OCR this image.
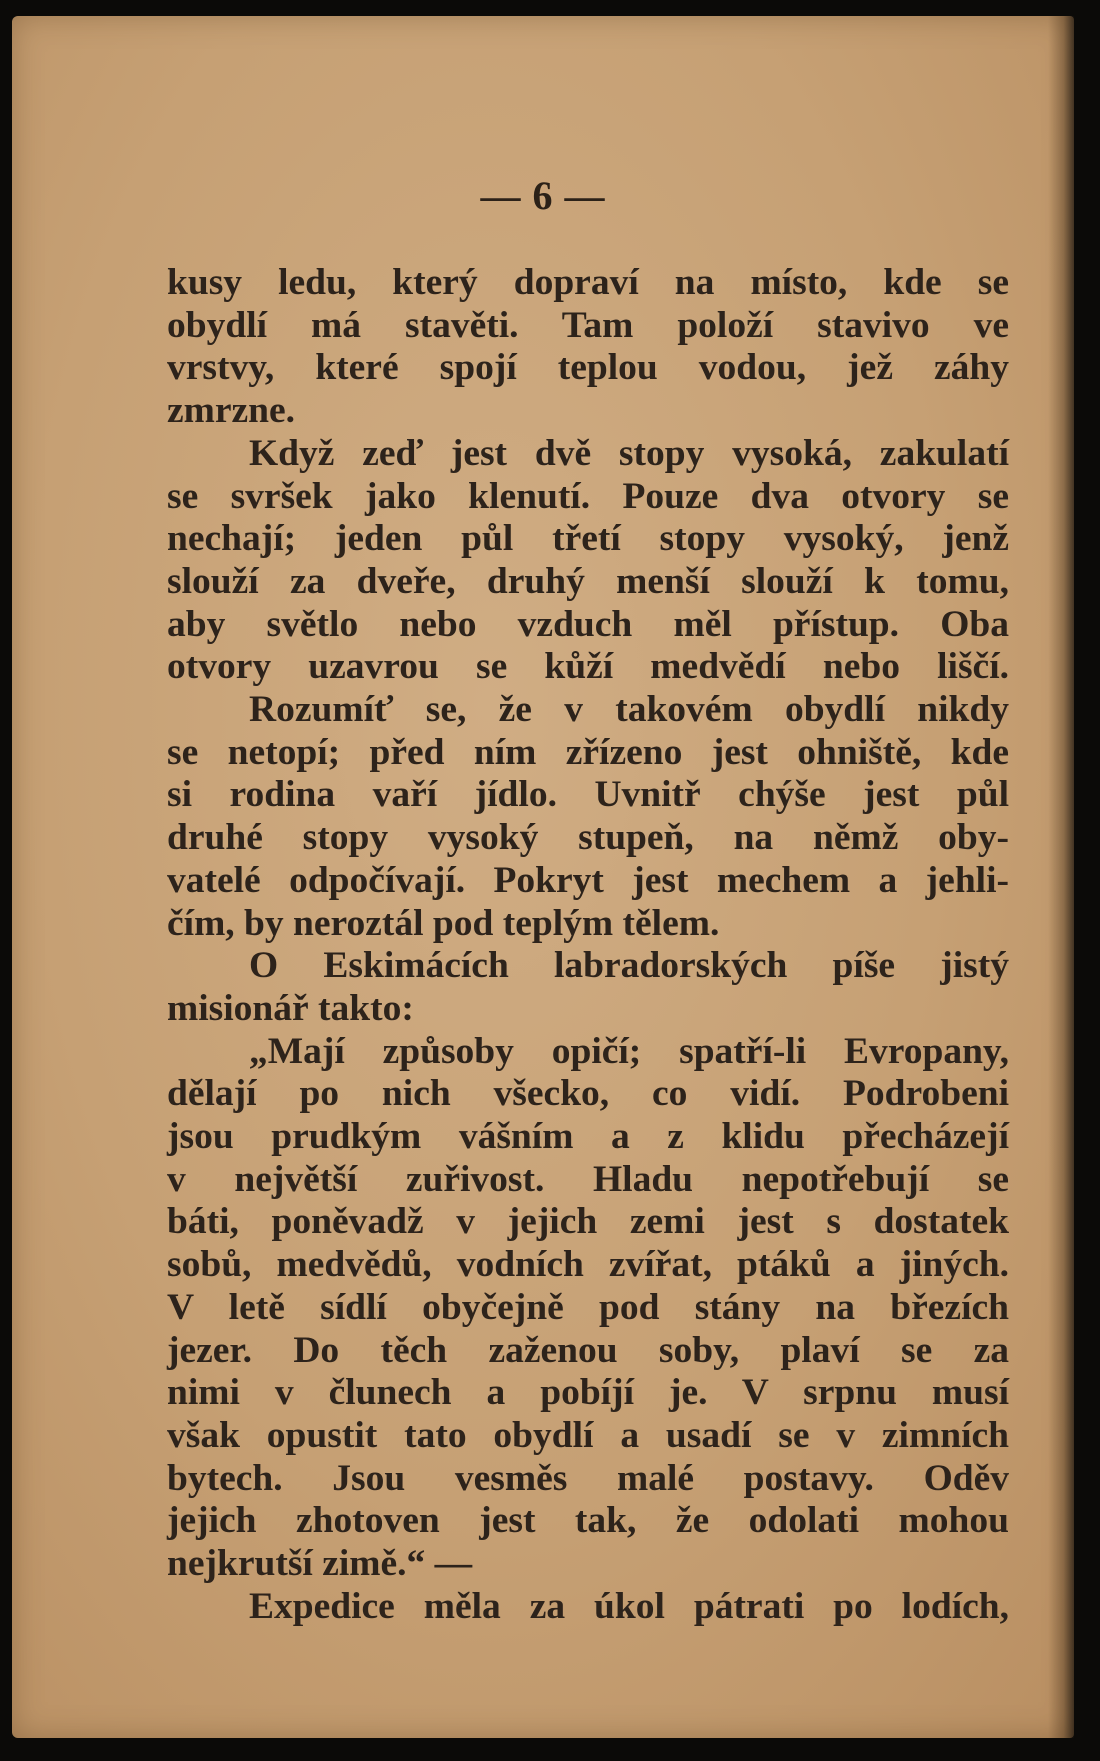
— 6 —
kusy ledu, který dopraví na místo, kde se
obydlí má stavěti. Tam položí stavivo ve
vrstvy, které spojí teplou vodou, jež záhy
zmrzne.
Když zeď jest dvě stopy vysoká, zakulatí
se svršek jako klenutí. Pouze dva otvory se
nechají; jeden půl třetí stopy vysoký, jenž
slouží za dveře, druhý menší slouží k tomu,
aby světlo nebo vzduch měl přístup. Oba
otvory uzavrou se kůží medvědí nebo liščí.
Rozumíť se, že v takovém obydlí nikdy
se netopí; před ním zřízeno jest ohniště, kde
si rodina vaří jídlo. Uvnitř chýše jest půl
druhé stopy vysoký stupeň, na němž oby-
vatelé odpočívají. Pokryt jest mechem a jehli-
čím, by neroztál pod teplým tělem.
O Eskimácích labradorských píše jistý
misionář takto:
„Mají způsoby opičí; spatří-li Evropany,
dělají po nich všecko, co vidí. Podrobeni
jsou prudkým vášním a z klidu přecházejí
v největší zuřivost. Hladu nepotřebují se
báti, poněvadž v jejich zemi jest s dostatek
sobů, medvědů, vodních zvířat, ptáků a jiných.
V letě sídlí obyčejně pod stány na březích
jezer. Do těch zaženou soby, plaví se za
nimi v člunech a pobíjí je. V srpnu musí
však opustit tato obydlí a usadí se v zimních
bytech. Jsou vesměs malé postavy. Oděv
jejich zhotoven jest tak, že odolati mohou
nejkrutší zimě.“ —
Expedice měla za úkol pátrati po lodích,
